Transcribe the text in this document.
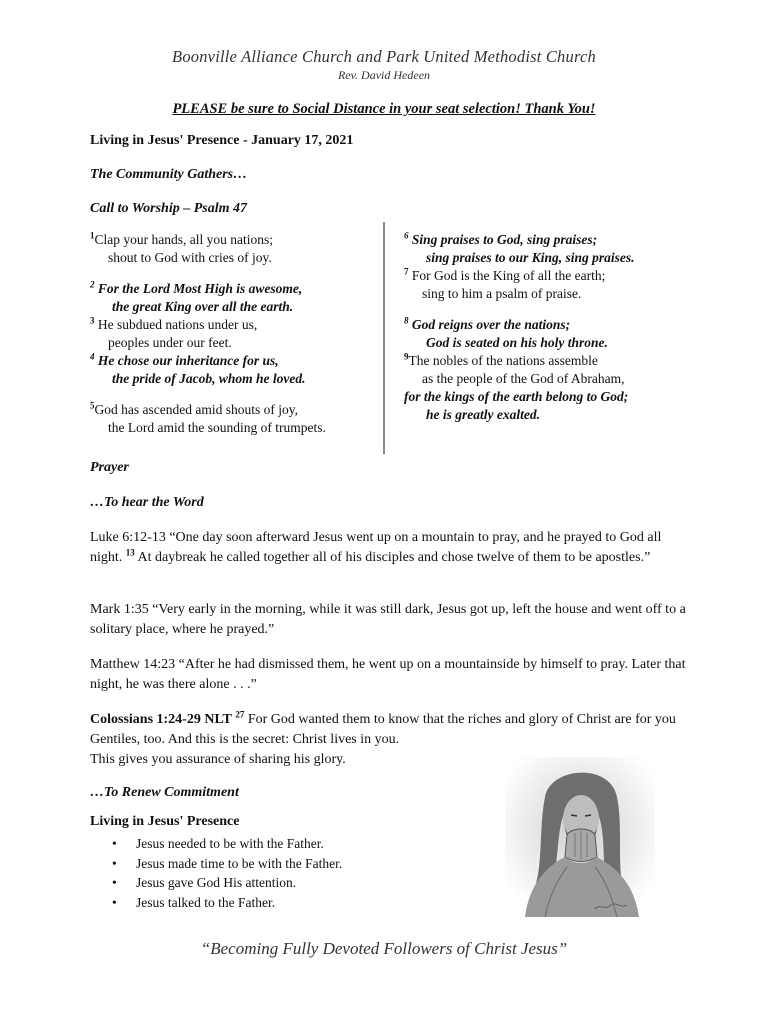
Boonville Alliance Church and Park United Methodist Church
Rev. David Hedeen
PLEASE be sure to Social Distance in your seat selection! Thank You!
Living in Jesus' Presence - January 17, 2021
The Community Gathers…
Call to Worship – Psalm 47
$^1$Clap your hands, all you nations;
shout to God with cries of joy.
$^2$ For the Lord Most High is awesome,
the great King over all the earth.
$^3$ He subdued nations under us,
peoples under our feet.
$^4$ He chose our inheritance for us,
the pride of Jacob, whom he loved.
$^5$God has ascended amid shouts of joy,
the Lord amid the sounding of trumpets.
$^6$ Sing praises to God, sing praises;
sing praises to our King, sing praises.
$^7$ For God is the King of all the earth;
sing to him a psalm of praise.
$^8$ God reigns over the nations;
God is seated on his holy throne.
$^9$The nobles of the nations assemble
as the people of the God of Abraham,
for the kings of the earth belong to God;
he is greatly exalted.
Prayer
…To hear the Word
Luke 6:12-13 “One day soon afterward Jesus went up on a mountain to pray, and he prayed to God all night. $^{13}$ At daybreak he called together all of his disciples and chose twelve of them to be apostles.”
Mark 1:35 “Very early in the morning, while it was still dark, Jesus got up, left the house and went off to a solitary place, where he prayed.”
Matthew 14:23 “After he had dismissed them, he went up on a mountainside by himself to pray. Later that night, he was there alone . . .”
Colossians 1:24-29 NLT $^{27}$ For God wanted them to know that the riches and glory of Christ are for you Gentiles, too. And this is the secret: Christ lives in you.
This gives you assurance of sharing his glory.
…To Renew Commitment
Living in Jesus' Presence
• Jesus needed to be with the Father.
• Jesus made time to be with the Father.
• Jesus gave God His attention.
• Jesus talked to the Father.
“Becoming Fully Devoted Followers of Christ Jesus”
